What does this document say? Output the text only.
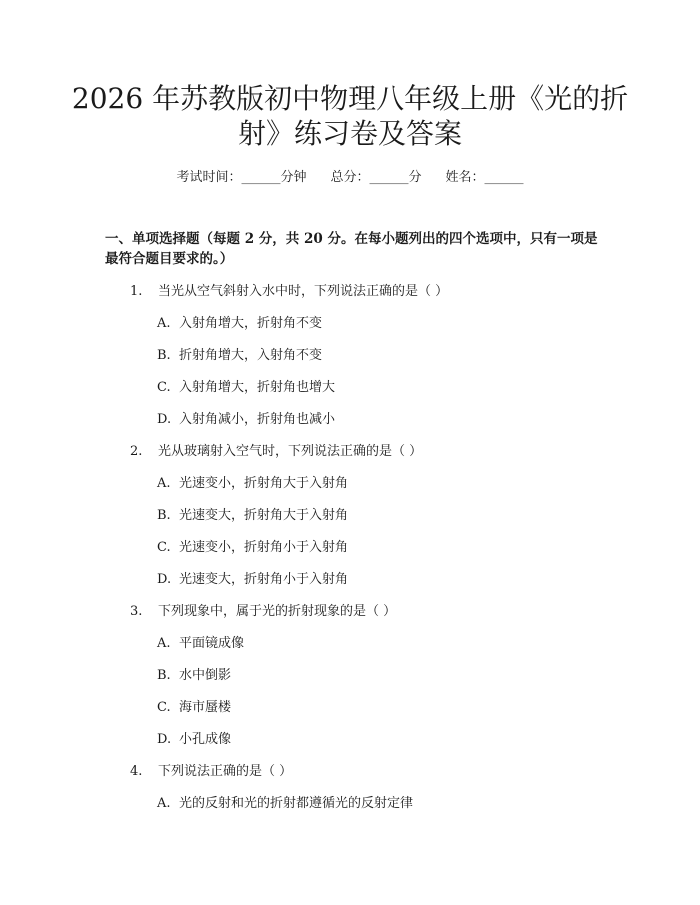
2026 年苏教版初中物理八年级上册《光的折
射》练习卷及答案
考试时间：______分钟 总分：______分 姓名：______

一、单项选择题（每题 2 分，共 20 分。在每小题列出的四个选项中，只有一项是最符合题目要求的。）

1. 当光从空气斜射入水中时，下列说法正确的是（ ）
A. 入射角增大，折射角不变
B. 折射角增大，入射角不变
C. 入射角增大，折射角也增大
D. 入射角减小，折射角也减小
2. 光从玻璃射入空气时，下列说法正确的是（ ）
A. 光速变小，折射角大于入射角
B. 光速变大，折射角大于入射角
C. 光速变小，折射角小于入射角
D. 光速变大，折射角小于入射角
3. 下列现象中，属于光的折射现象的是（ ）
A. 平面镜成像
B. 水中倒影
C. 海市蜃楼
D. 小孔成像
4. 下列说法正确的是（ ）
A. 光的反射和光的折射都遵循光的反射定律
